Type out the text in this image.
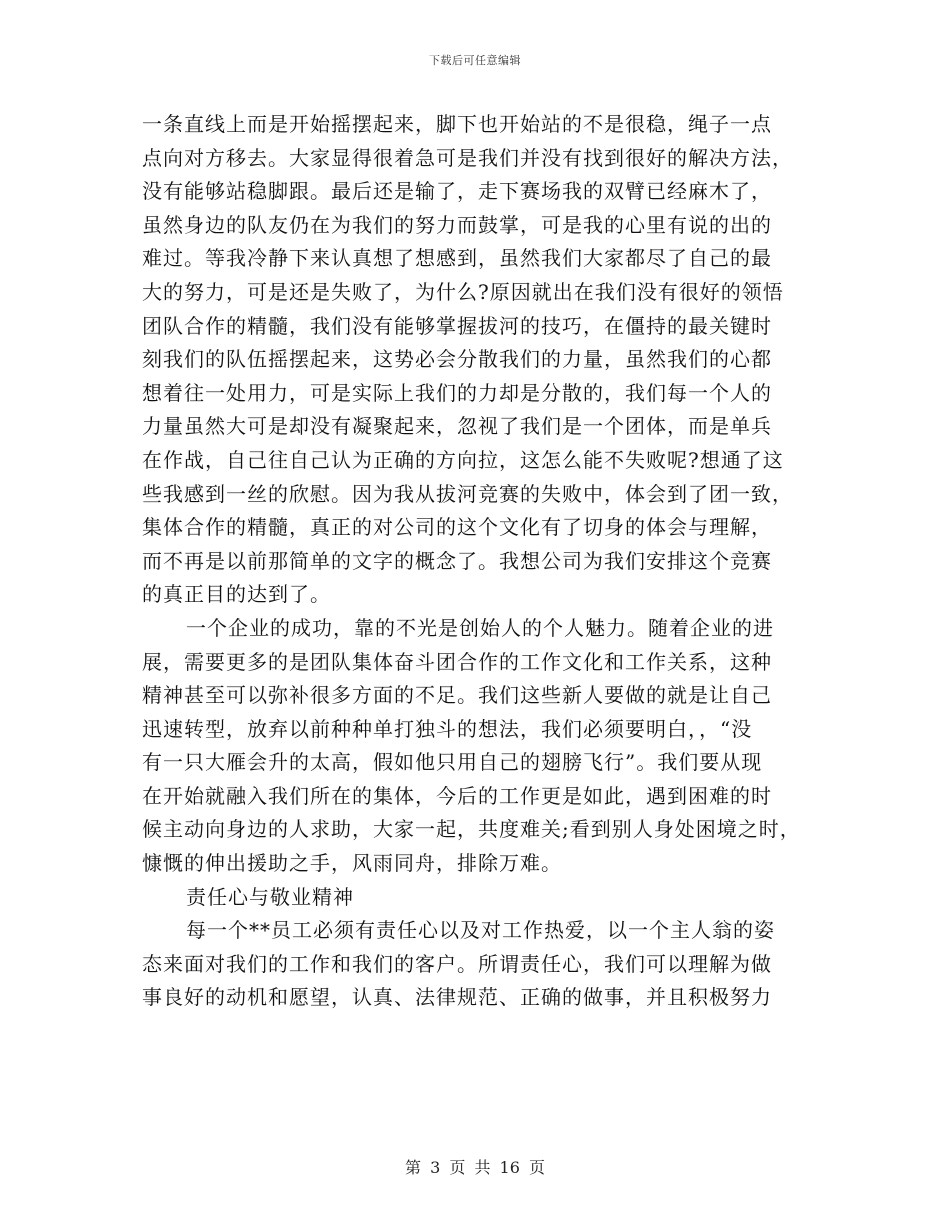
下载后可任意编辑
一条直线上而是开始摇摆起来，脚下也开始站的不是很稳，绳子一点
点向对方移去。大家显得很着急可是我们并没有找到很好的解决方法，
没有能够站稳脚跟。最后还是输了，走下赛场我的双臂已经麻木了，
虽然身边的队友仍在为我们的努力而鼓掌，可是我的心里有说的出的
难过。等我冷静下来认真想了想感到，虽然我们大家都尽了自己的最
大的努力，可是还是失败了，为什么?原因就出在我们没有很好的领悟
团队合作的精髓，我们没有能够掌握拔河的技巧，在僵持的最关键时
刻我们的队伍摇摆起来，这势必会分散我们的力量，虽然我们的心都
想着往一处用力，可是实际上我们的力却是分散的，我们每一个人的
力量虽然大可是却没有凝聚起来，忽视了我们是一个团体，而是单兵
在作战，自己往自己认为正确的方向拉，这怎么能不失败呢?想通了这
些我感到一丝的欣慰。因为我从拔河竞赛的失败中，体会到了团一致，
集体合作的精髓，真正的对公司的这个文化有了切身的体会与理解，
而不再是以前那简单的文字的概念了。我想公司为我们安排这个竞赛
的真正目的达到了。
一个企业的成功，靠的不光是创始人的个人魅力。随着企业的进
展，需要更多的是团队集体奋斗团合作的工作文化和工作关系，这种
精神甚至可以弥补很多方面的不足。我们这些新人要做的就是让自己
迅速转型，放弃以前种种单打独斗的想法，我们必须要明白，，“没
有一只大雁会升的太高，假如他只用自己的翅膀飞行”。我们要从现
在开始就融入我们所在的集体，今后的工作更是如此，遇到困难的时
候主动向身边的人求助，大家一起，共度难关;看到别人身处困境之时，
慷慨的伸出援助之手，风雨同舟，排除万难。
责任心与敬业精神
每一个**员工必须有责任心以及对工作热爱，以一个主人翁的姿
态来面对我们的工作和我们的客户。所谓责任心，我们可以理解为做
事良好的动机和愿望，认真、法律规范、正确的做事，并且积极努力
第 3 页 共 16 页
